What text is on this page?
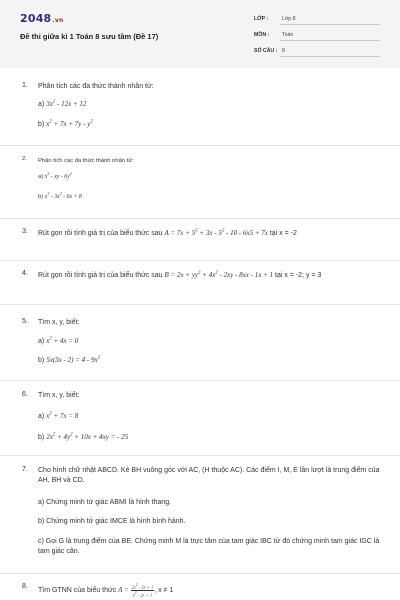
2048.vn
Đề thi giữa kì 1 Toán 8 sưu tầm (Đề 17)
LỚP :	Lớp 8
MÔN : Toán
SỐ CÂU : 8
1. Phân tích các đa thức thành nhân tử:
a) $3x^2 - 12x + 12$
b) $x^2 + 7x + 7y - y^2$
2. Phân tích các đa thức thành nhân tử:
a) $x^2$ - xy - $6y^2$
b) $x^3 - 3x^2 - 6x + 8$
3. Rút gọn rồi tính giá trị của biểu thức sau $A = 7x + 5^2 + 3x - 5^2 - 10 - 6x5 + 7x$ tại x = -2
4. Rút gọn rồi tính giá trị của biểu thức sau $B = 2x + yy^2 + 4x^2 - 2xy - 8xx - 1x + 1$ tại x = -2; y = 3
5. Tìm x, y, biết:
a) $x^2 + 4x = 0$
b) $5x(3x - 2) = 4 - 9x^2$
6. Tìm x, y, biết:
a) $x^2 + 7x = 8$
b) $2x^2 + 4y^2 + 10x + 4xy$ = - 25
7. Cho hình chữ nhật ABCD. Kẻ BH vuông góc với AC, (H thuộc AC). Các điểm I, M, E lần lượt là trung điểm của AH, BH và CD.
a) Chứng minh tứ giác ABMI là hình thang.
b) Chứng minh tứ giác IMCE là hình bình hành.
c) Gọi G là trung điểm của BE. Chứng minh M là trực tâm của tam giác IBC từ đó chứng minh tam giác IGC là tam giác cân.
8.
Tìm GTNN của biểu thức $A = \frac{2x^2 - 2x + 1}{x^2 - 2x + 1}$ , x ≠ 1
